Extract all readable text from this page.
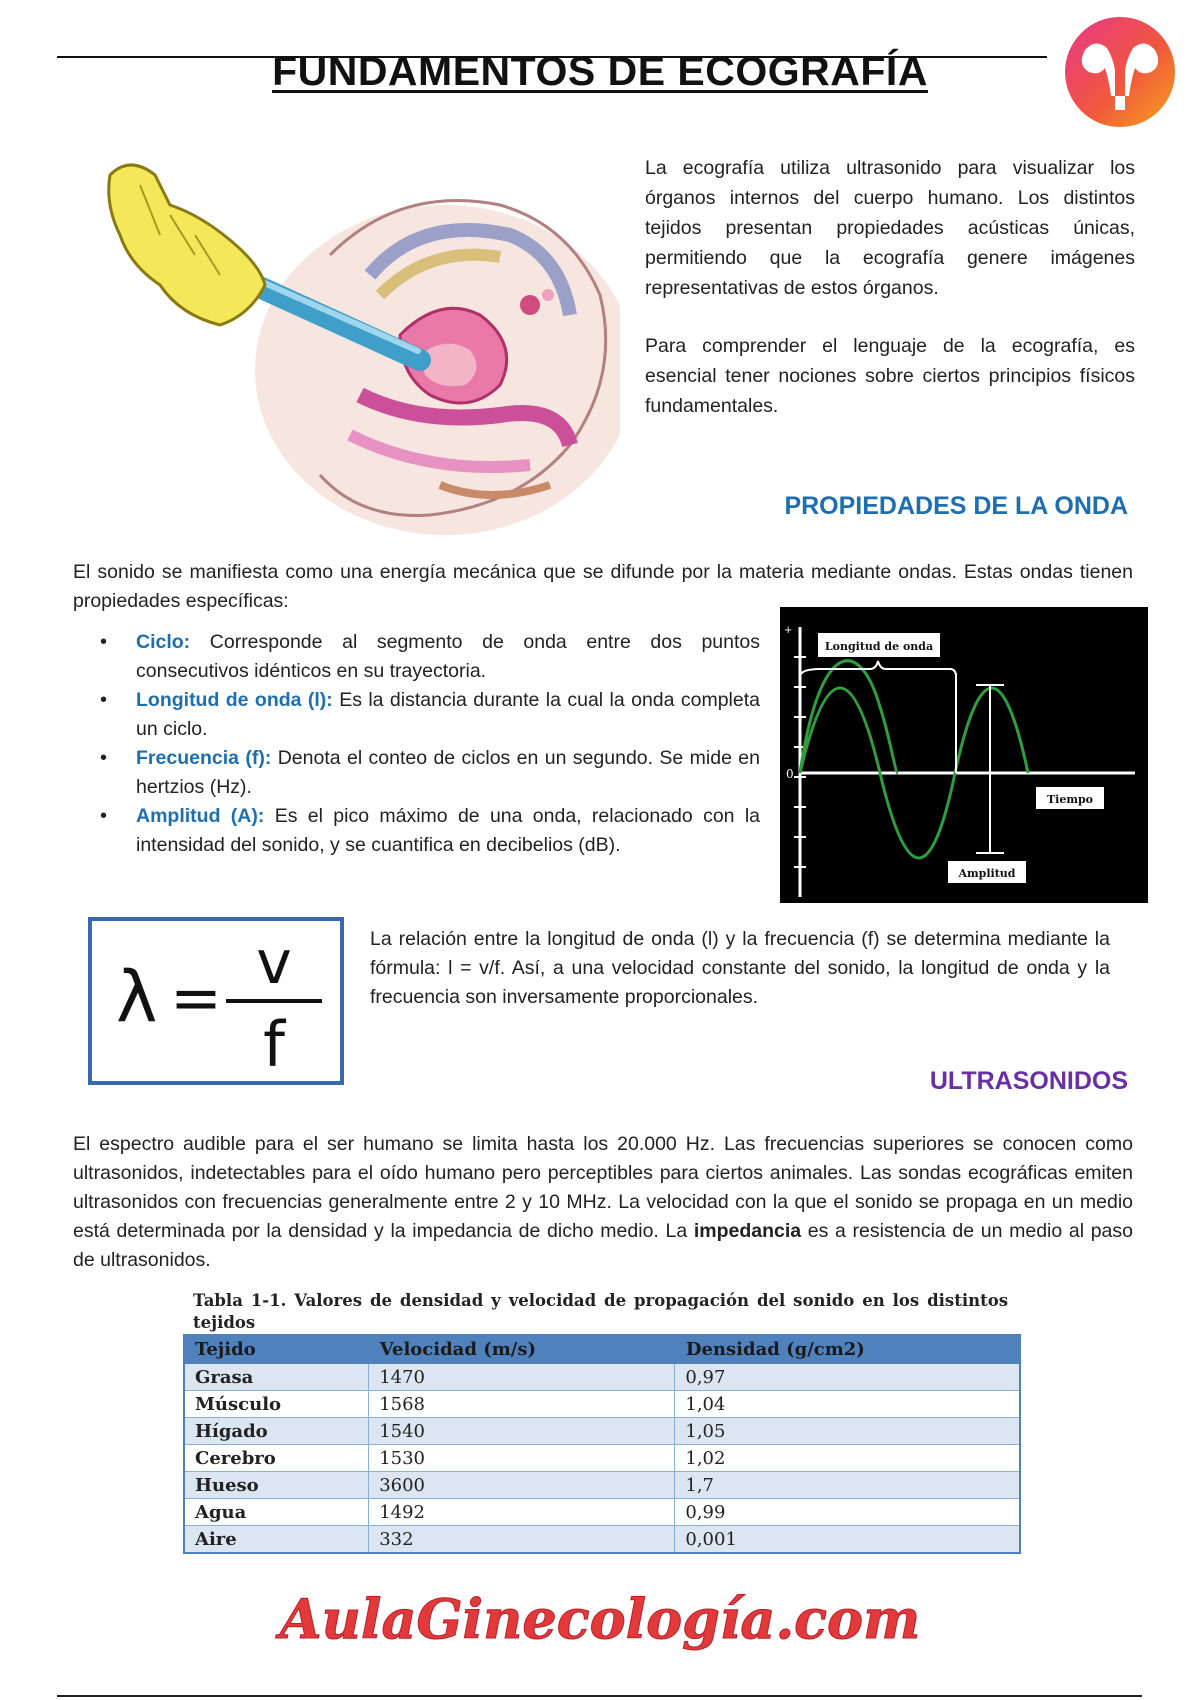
FUNDAMENTOS DE ECOGRAFÍA

La ecografía utiliza ultrasonido para visualizar los órganos internos del cuerpo humano. Los distintos tejidos presentan propiedades acústicas únicas, permitiendo que la ecografía genere imágenes representativas de estos órganos.

Para comprender el lenguaje de la ecografía, es esencial tener nociones sobre ciertos principios físicos fundamentales.

PROPIEDADES DE LA ONDA
El sonido se manifiesta como una energía mecánica que se difunde por la materia mediante ondas. Estas ondas tienen propiedades específicas:
• Ciclo: Corresponde al segmento de onda entre dos puntos consecutivos idénticos en su trayectoria.
• Longitud de onda (l): Es la distancia durante la cual la onda completa un ciclo.
• Frecuencia (f): Denota el conteo de ciclos en un segundo. Se mide en hertzios (Hz).
• Amplitud (A): Es el pico máximo de una onda, relacionado con la intensidad del sonido, y se cuantifica en decibelios (dB).
+
0
Longitud de onda
Amplitud
Tiempo
λ = v
f
La relación entre la longitud de onda (l) y la frecuencia (f) se determina mediante la fórmula: l = v/f. Así, a una velocidad constante del sonido, la longitud de onda y la frecuencia son inversamente proporcionales.
ULTRASONIDOS
El espectro audible para el ser humano se limita hasta los 20.000 Hz. Las frecuencias superiores se conocen como ultrasonidos, indetectables para el oído humano pero perceptibles para ciertos animales. Las sondas ecográficas emiten ultrasonidos con frecuencias generalmente entre 2 y 10 MHz. La velocidad con la que el sonido se propaga en un medio está determinada por la densidad y la impedancia de dicho medio. La impedancia es a resistencia de un medio al paso de ultrasonidos.
Tabla 1-1. Valores de densidad y velocidad de propagación del sonido en los distintos tejidos
Tejido	Velocidad (m/s)	Densidad (g/cm2)
Grasa	1470	0,97
Músculo	1568	1,04
Hígado	1540	1,05
Cerebro	1530	1,02
Hueso	3600	1,7
Agua	1492	0,99
Aire	332	0,001
AulaGinecología.com
